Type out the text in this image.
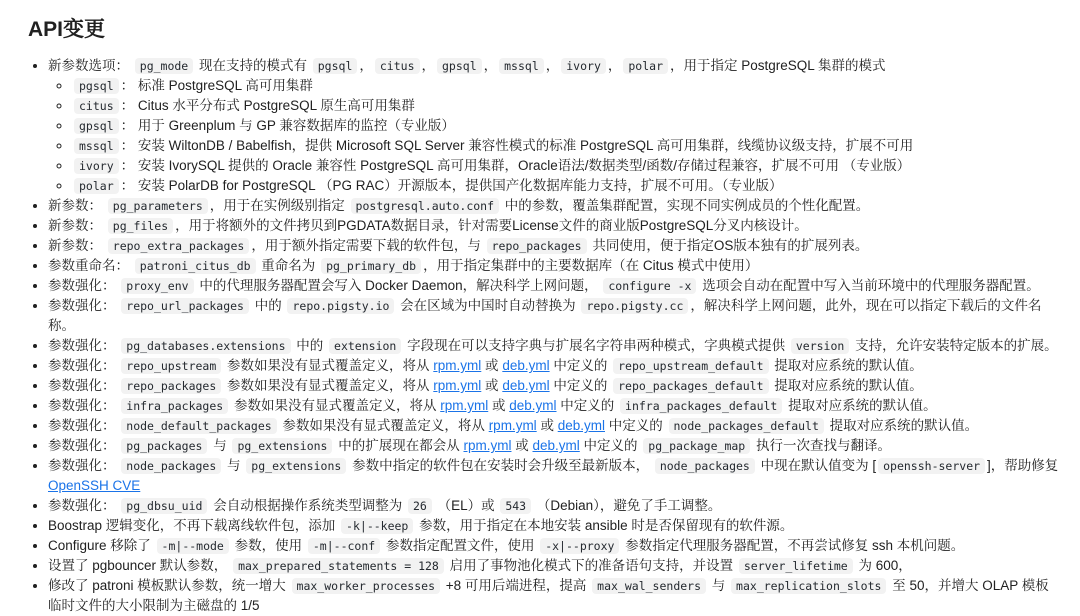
API变更
• 新参数选项： pg_mode 现在支持的模式有 pgsql ， citus ， gpsql ， mssql ， ivory ， polar ，用于指定 PostgreSQL 集群的模式
◦ pgsql ： 标准 PostgreSQL 高可用集群
◦ citus ： Citus 水平分布式 PostgreSQL 原生高可用集群
◦ gpsql ： 用于 Greenplum 与 GP 兼容数据库的监控（专业版）
◦ mssql ： 安装 WiltonDB / Babelfish，提供 Microsoft SQL Server 兼容性模式的标准 PostgreSQL 高可用集群，线缆协议级支持，扩展不可用
◦ ivory ： 安装 IvorySQL 提供的 Oracle 兼容性 PostgreSQL 高可用集群，Oracle语法/数据类型/函数/存储过程兼容，扩展不可用 （专业版）
◦ polar ： 安装 PolarDB for PostgreSQL （PG RAC）开源版本，提供国产化数据库能力支持，扩展不可用。（专业版）
• 新参数： pg_parameters ，用于在实例级别指定 postgresql.auto.conf 中的参数，覆盖集群配置，实现不同实例成员的个性化配置。
• 新参数： pg_files ，用于将额外的文件拷贝到PGDATA数据目录，针对需要License文件的商业版PostgreSQL分叉内核设计。
• 新参数： repo_extra_packages ，用于额外指定需要下载的软件包，与 repo_packages 共同使用，便于指定OS版本独有的扩展列表。
• 参数重命名： patroni_citus_db 重命名为 pg_primary_db ，用于指定集群中的主要数据库（在 Citus 模式中使用）
• 参数强化： proxy_env 中的代理服务器配置会写入 Docker Daemon，解决科学上网问题， configure -x 选项会自动在配置中写入当前环境中的代理服务器配置。
• 参数强化： repo_url_packages 中的 repo.pigsty.io 会在区域为中国时自动替换为 repo.pigsty.cc ，解决科学上网问题，此外，现在可以指定下载后的文件名称。
• 参数强化： pg_databases.extensions 中的 extension 字段现在可以支持字典与扩展名字符串两种模式，字典模式提供 version 支持，允许安装特定版本的扩展。
• 参数强化： repo_upstream 参数如果没有显式覆盖定义，将从 rpm.yml 或 deb.yml 中定义的 repo_upstream_default 提取对应系统的默认值。
• 参数强化： repo_packages 参数如果没有显式覆盖定义，将从 rpm.yml 或 deb.yml 中定义的 repo_packages_default 提取对应系统的默认值。
• 参数强化： infra_packages 参数如果没有显式覆盖定义，将从 rpm.yml 或 deb.yml 中定义的 infra_packages_default 提取对应系统的默认值。
• 参数强化： node_default_packages 参数如果没有显式覆盖定义，将从 rpm.yml 或 deb.yml 中定义的 node_packages_default 提取对应系统的默认值。
• 参数强化： pg_packages 与 pg_extensions 中的扩展现在都会从 rpm.yml 或 deb.yml 中定义的 pg_package_map 执行一次查找与翻译。
• 参数强化： node_packages 与 pg_extensions 参数中指定的软件包在安装时会升级至最新版本， node_packages 中现在默认值变为 [ openssh-server ]，帮助修复 OpenSSH CVE
• 参数强化： pg_dbsu_uid 会自动根据操作系统类型调整为 26 （EL）或 543 （Debian），避免了手工调整。
• Boostrap 逻辑变化，不再下载离线软件包，添加 -k|--keep 参数，用于指定在本地安装 ansible 时是否保留现有的软件源。
• Configure 移除了 -m|--mode 参数，使用 -m|--conf 参数指定配置文件，使用 -x|--proxy 参数指定代理服务器配置，不再尝试修复 ssh 本机问题。
• 设置了 pgbouncer 默认参数， max_prepared_statements = 128 启用了事物池化模式下的准备语句支持，并设置 server_lifetime 为 600，
• 修改了 patroni 模板默认参数，统一增大 max_worker_processes +8 可用后端进程，提高 max_wal_senders 与 max_replication_slots 至 50，并增大 OLAP 模板临时文件的大小限制为主磁盘的 1/5
